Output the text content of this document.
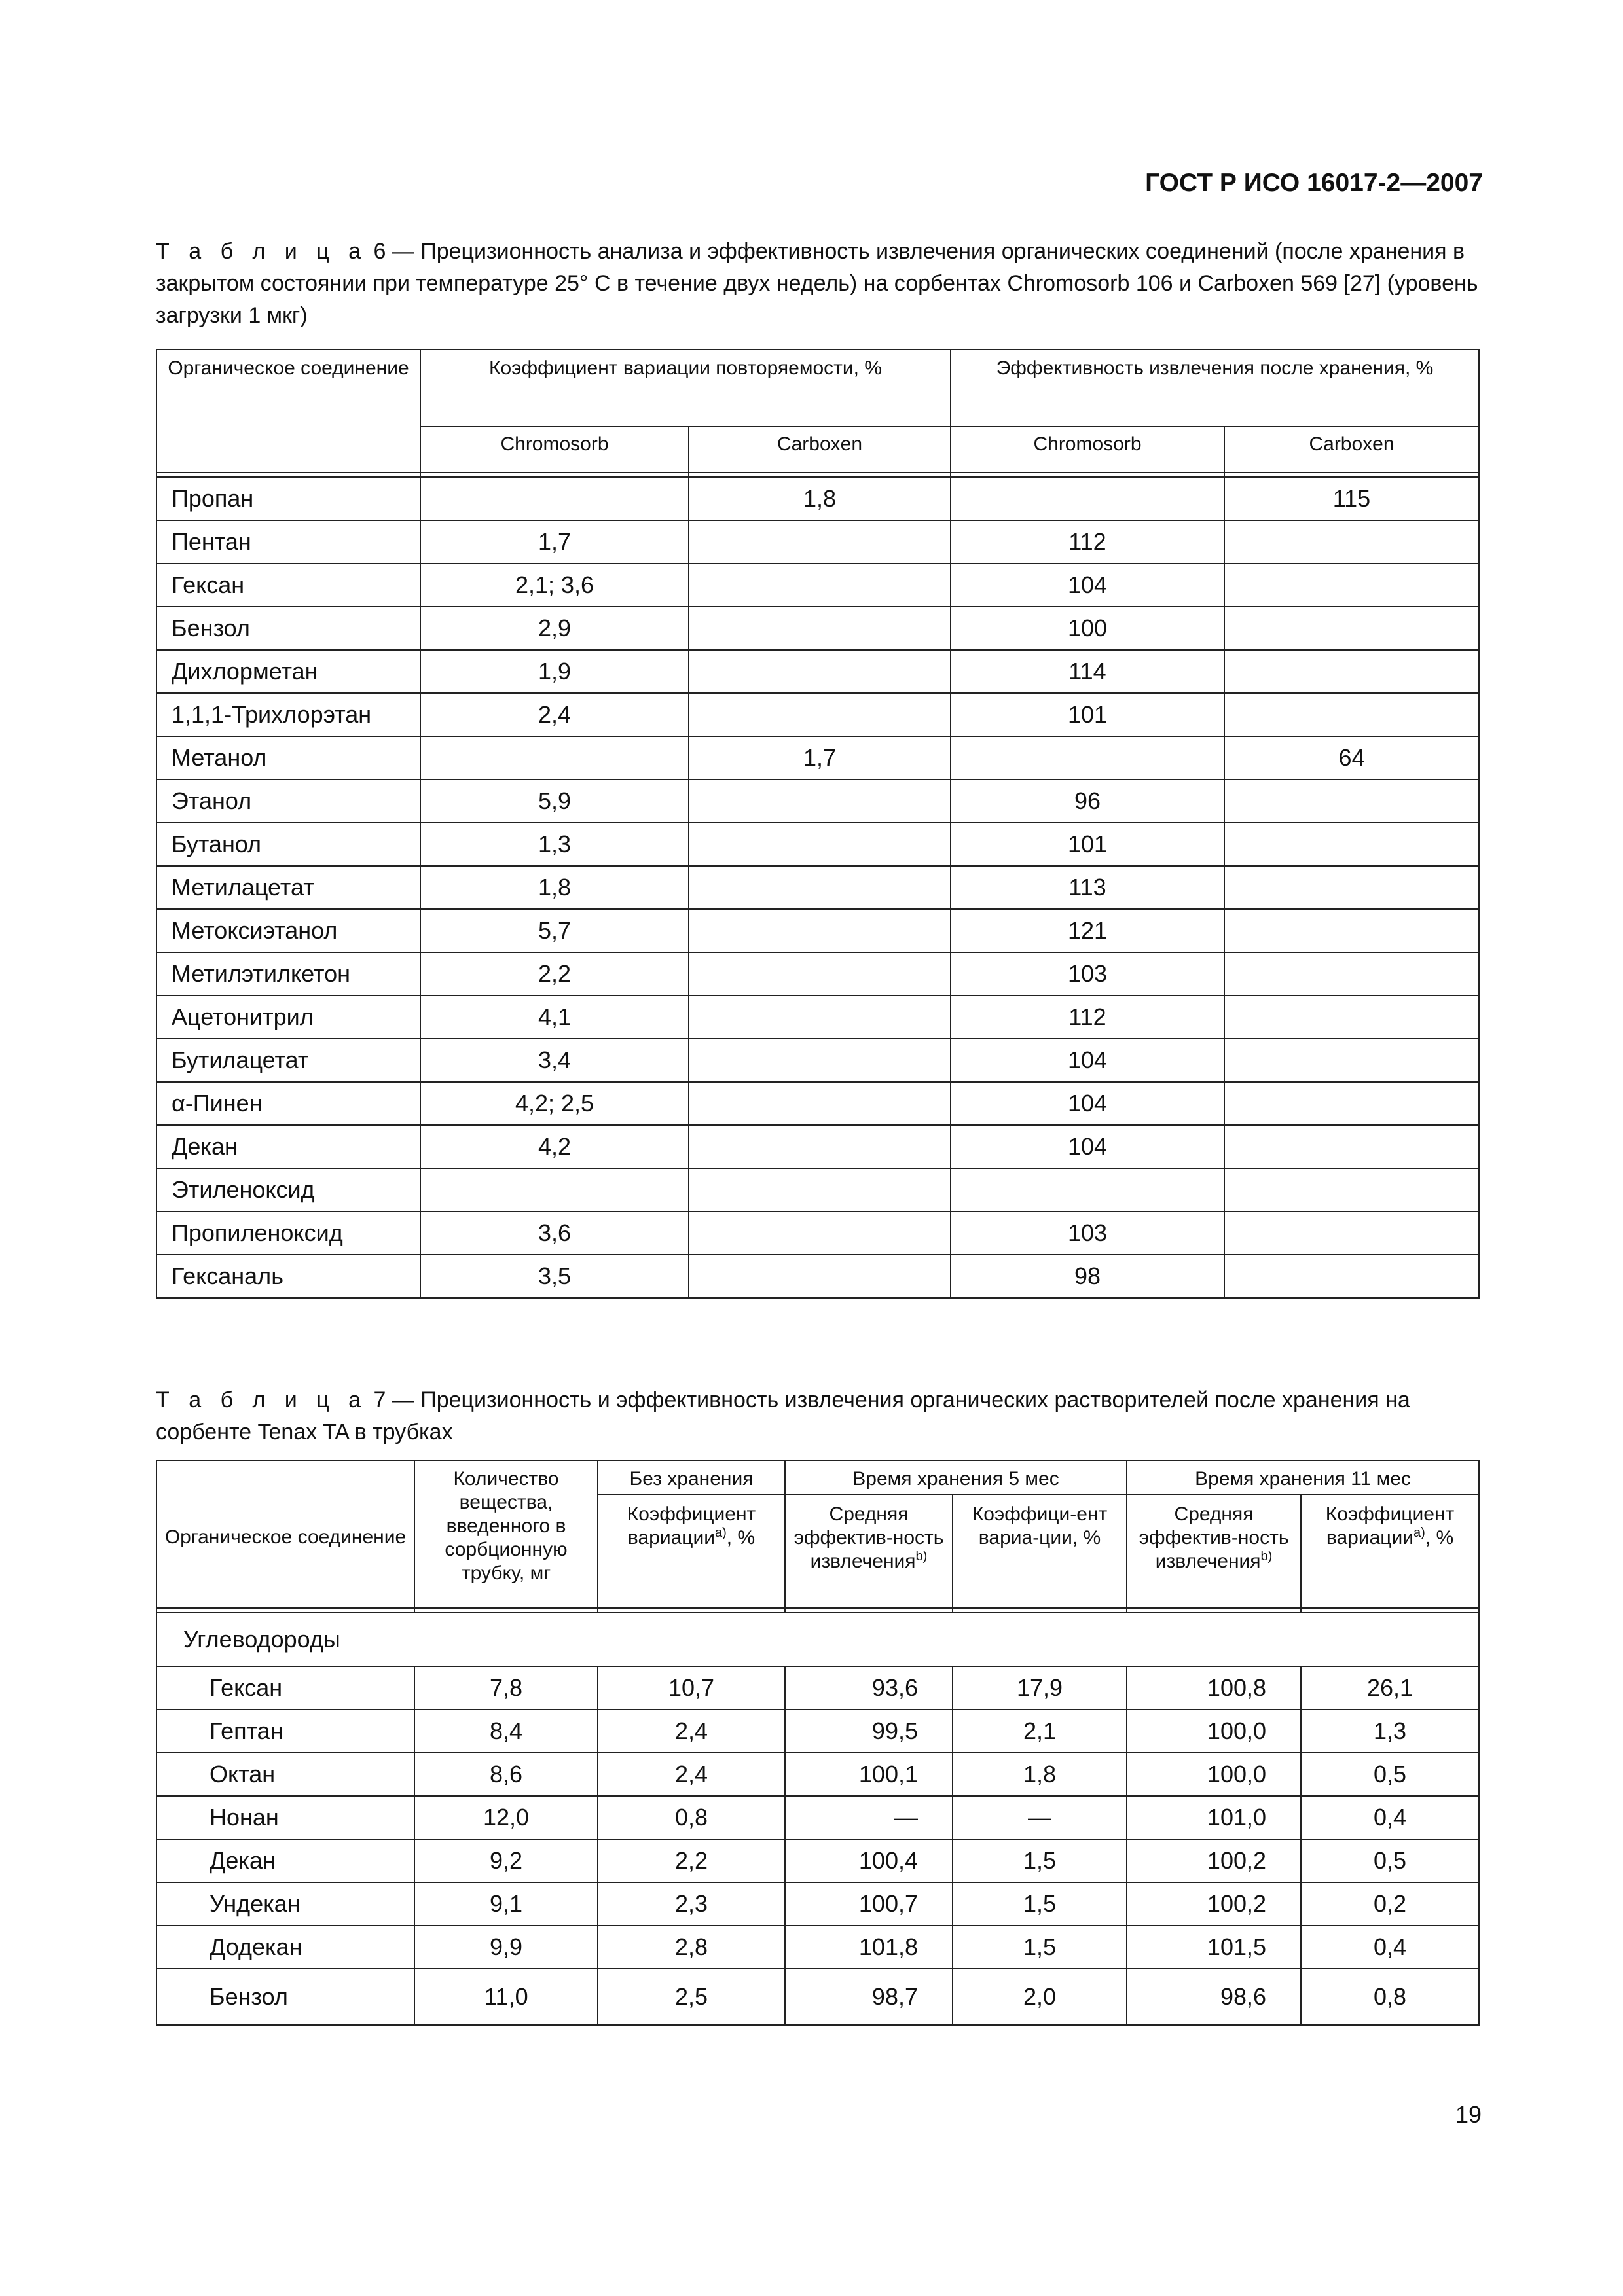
ГОСТ Р ИСО 16017-2—2007
Т а б л и ц а 6 — Прецизионность анализа и эффективность извлечения органических соединений (после хранения в закрытом состоянии при температуре 25° С в течение двух недель) на сорбентах Chromosorb 106 и Carboxen 569 [27] (уровень загрузки 1 мкг)
Органическое соединение	Коэффициент вариации повторяемости, %		Эффективность извлечения после хранения, %	
	Chromosorb	Carboxen	Chromosorb	Carboxen

Пропан		1,8		115
Пентан	1,7		112	
Гексан	2,1; 3,6		104	
Бензол	2,9		100	
Дихлорметан	1,9		114	
1,1,1-Трихлорэтан	2,4		101	
Метанол		1,7		64
Этанол	5,9		96	
Бутанол	1,3		101	
Метилацетат	1,8		113	
Метоксиэтанол	5,7		121	
Метилэтилкетон	2,2		103	
Ацетонитрил	4,1		112	
Бутилацетат	3,4		104	
α-Пинен	4,2; 2,5		104	
Декан	4,2		104	
Этиленоксид				
Пропиленоксид	3,6		103	
Гексаналь	3,5		98	
Т а б л и ц а 7 — Прецизионность и эффективность извлечения органических растворителей после хранения на сорбенте Tenax TA в трубках
Органическое соединение	Количество вещества, введенного в сорбционную трубку, мг	Без хранения	Время хранения 5 мес		Время хранения 11 мес	
		Коэффициент вариации$^{a)}$, %	Средняя эффектив-ность извлечения$^{b)}$	Коэффици-ент вариа-ции, %	Средняя эффектив-ность извлечения$^{b)}$	Коэффициент вариации$^{a)}$, %

Углеводороды						
Гексан	7,8	10,7	93,6	17,9	100,8	26,1
Гептан	8,4	2,4	99,5	2,1	100,0	1,3
Октан	8,6	2,4	100,1	1,8	100,0	0,5
Нонан	12,0	0,8	—	—	101,0	0,4
Декан	9,2	2,2	100,4	1,5	100,2	0,5
Ундекан	9,1	2,3	100,7	1,5	100,2	0,2
Додекан	9,9	2,8	101,8	1,5	101,5	0,4
Бензол	11,0	2,5	98,7	2,0	98,6	0,8
19
